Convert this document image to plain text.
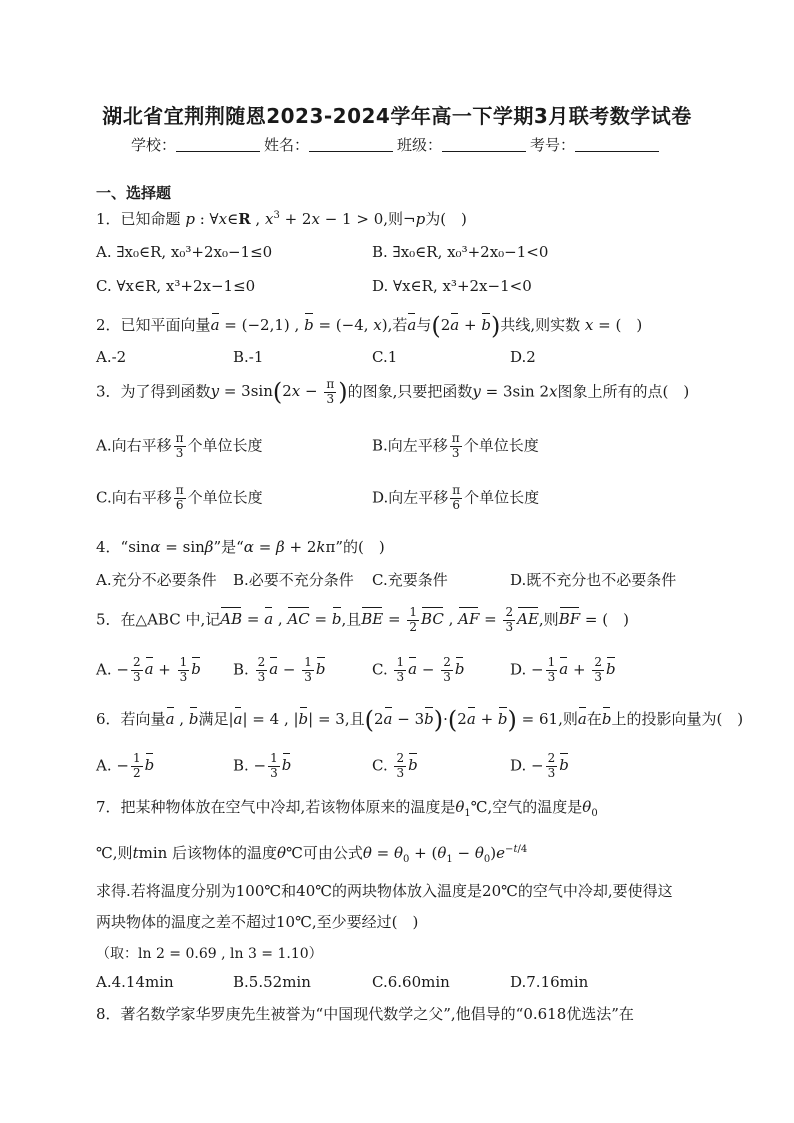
湖北省宜荆荆随恩2023-2024学年高一下学期3月联考数学试卷
学校：	姓名：	班级：	考号：
一、选择题
1．已知命题 p : ∀x∈R , $x^3 + 2x - 1 > 0$,则¬p为(　)
A. ∃x₀∈R, x₀³+2x₀−1≤0	B. ∃x₀∈R, x₀³+2x₀−1<0
C. ∀x∈R, x³+2x−1≤0	D. ∀x∈R, x³+2x−1<0
2．已知平面向量a = (−2,1) , b = (−4, x),若a与(2a + b)共线,则实数 x = (　)
A.-2	B.-1	C.1	D.2
3．为了得到函数$y = 3\sin(2x - \frac{\pi}{3}$ )的图象,只要把函数y = 3sin 2x图象上所有的点(　)
A.向右平移 $\frac{\pi}{3}$ 个单位长度	B.向左平移 $\frac{\pi}{3}$ 个单位长度
C.向右平移 $\frac{\pi}{6}$ 个单位长度	D.向左平移 $\frac{\pi}{6}$ 个单位长度
4．“sinα = sinβ”是“α = β + 2kπ”的(　)
A.充分不必要条件 B.必要不充分条件 C.充要条件	D.既不充分也不必要条件
5．在△ABC 中,记AB = a , AC = b,且BE = $\frac{1}{2}$ BC , AF = $\frac{2}{3}$ AE,则BF = (　)
A. − $\frac{2}{3}$ $a + \frac{1}{3}$ b B. $\frac{2}{3}$ $a - \frac{1}{3}$ b	C. $\frac{1}{3}$ $a - \frac{2}{3}$ b	D. − $\frac{1}{3}$ $a + \frac{2}{3}$ b
6．若向量a , b满足|a| = 4 , |b| = 3,且(2a − 3b)·(2a + b) = 61,则a在b上的投影向量为(　)
A. − $\frac{1}{2}$ b	B. − $\frac{1}{3}$ b	C. $\frac{2}{3}$ b	D. − $\frac{2}{3}$ b
7．把某种物体放在空气中冷却,若该物体原来的温度是$\theta_1℃$,空气的温度是$\theta_0$
℃,则tmin 后该物体的温度θ℃可由公式$\theta = \theta_0 + (\theta_1 - \theta_0)e^{-t/4}$
求得.若将温度分别为100℃和40℃的两块物体放入温度是20℃的空气中冷却,要使得这
两块物体的温度之差不超过10℃,至少要经过(　)
（取：ln 2 = 0.69 , ln 3 = 1.10）
A.4.14min	B.5.52min	C.6.60min	D.7.16min
8．著名数学家华罗庚先生被誉为“中国现代数学之父”,他倡导的“0.618优选法”在
